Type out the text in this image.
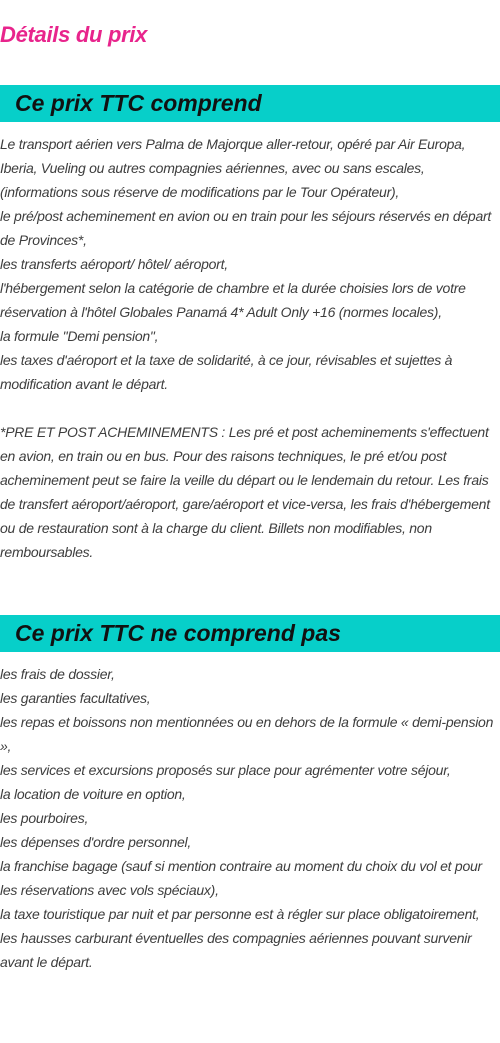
Détails du prix
Ce prix TTC comprend
Le transport aérien vers Palma de Majorque aller-retour, opéré par Air Europa, Iberia, Vueling ou autres compagnies aériennes, avec ou sans escales, (informations sous réserve de modifications par le Tour Opérateur),
le pré/post acheminement en avion ou en train pour les séjours réservés en départ de Provinces*,
les transferts aéroport/ hôtel/ aéroport,
l'hébergement selon la catégorie de chambre et la durée choisies lors de votre réservation à l'hôtel Globales Panamá 4* Adult Only +16 (normes locales),
la formule "Demi pension",
les taxes d'aéroport et la taxe de solidarité, à ce jour, révisables et sujettes à modification avant le départ.

*PRE ET POST ACHEMINEMENTS : Les pré et post acheminements s'effectuent en avion, en train ou en bus. Pour des raisons techniques, le pré et/ou post acheminement peut se faire la veille du départ ou le lendemain du retour. Les frais de transfert aéroport/aéroport, gare/aéroport et vice-versa, les frais d'hébergement ou de restauration sont à la charge du client. Billets non modifiables, non remboursables.

Ce prix TTC ne comprend pas
les frais de dossier,
les garanties facultatives,
les repas et boissons non mentionnées ou en dehors de la formule « demi-pension »,
les services et excursions proposés sur place pour agrémenter votre séjour,
la location de voiture en option,
les pourboires,
les dépenses d'ordre personnel,
la franchise bagage (sauf si mention contraire au moment du choix du vol et pour les réservations avec vols spéciaux),
la taxe touristique par nuit et par personne est à régler sur place obligatoirement,
les hausses carburant éventuelles des compagnies aériennes pouvant survenir avant le départ.
